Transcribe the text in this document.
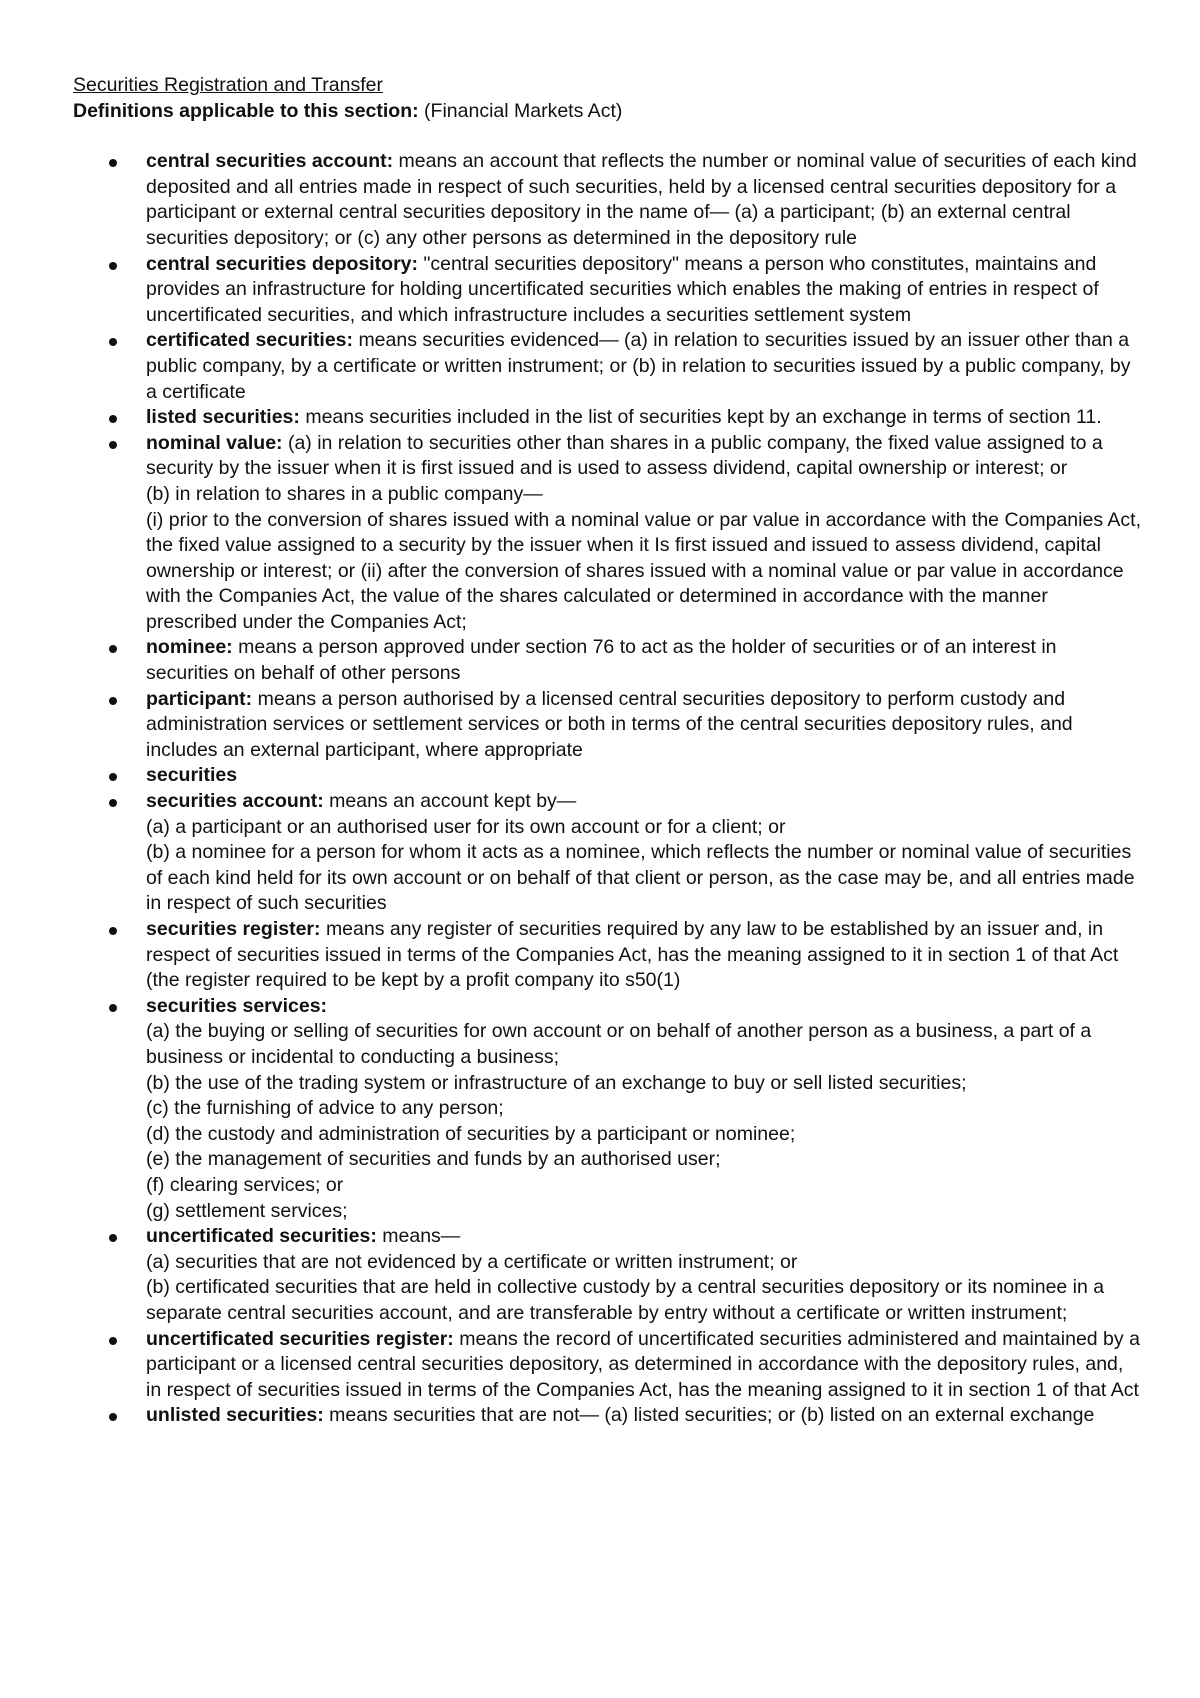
Securities Registration and Transfer

Definitions applicable to this section: (Financial Markets Act)

central securities account: means an account that reflects the number or nominal value of securities of each kind deposited and all entries made in respect of such securities, held by a licensed central securities depository for a participant or external central securities depository in the name of— (a) a participant; (b) an external central securities depository; or (c) any other persons as determined in the depository rule
central securities depository: "central securities depository" means a person who constitutes, maintains and provides an infrastructure for holding uncertificated securities which enables the making of entries in respect of uncertificated securities, and which infrastructure includes a securities settlement system
certificated securities: means securities evidenced— (a) in relation to securities issued by an issuer other than a public company, by a certificate or written instrument; or (b) in relation to securities issued by a public company, by a certificate
listed securities: means securities included in the list of securities kept by an exchange in terms of section 11.
nominal value: (a) in relation to securities other than shares in a public company, the fixed value assigned to a security by the issuer when it is first issued and is used to assess dividend, capital ownership or interest; or
(b) in relation to shares in a public company—
(i) prior to the conversion of shares issued with a nominal value or par value in accordance with the Companies Act, the fixed value assigned to a security by the issuer when it Is first issued and issued to assess dividend, capital ownership or interest; or (ii) after the conversion of shares issued with a nominal value or par value in accordance with the Companies Act, the value of the shares calculated or determined in accordance with the manner prescribed under the Companies Act;
nominee: means a person approved under section 76 to act as the holder of securities or of an interest in securities on behalf of other persons
participant: means a person authorised by a licensed central securities depository to perform custody and administration services or settlement services or both in terms of the central securities depository rules, and includes an external participant, where appropriate
securities
securities account: means an account kept by—
(a) a participant or an authorised user for its own account or for a client; or
(b) a nominee for a person for whom it acts as a nominee, which reflects the number or nominal value of securities of each kind held for its own account or on behalf of that client or person, as the case may be, and all entries made in respect of such securities
securities register: means any register of securities required by any law to be established by an issuer and, in respect of securities issued in terms of the Companies Act, has the meaning assigned to it in section 1 of that Act (the register required to be kept by a profit company ito s50(1)
securities services:
(a) the buying or selling of securities for own account or on behalf of another person as a business, a part of a business or incidental to conducting a business;
(b) the use of the trading system or infrastructure of an exchange to buy or sell listed securities;
(c) the furnishing of advice to any person;
(d) the custody and administration of securities by a participant or nominee;
(e) the management of securities and funds by an authorised user;
(f) clearing services; or
(g) settlement services;
uncertificated securities: means—
(a) securities that are not evidenced by a certificate or written instrument; or
(b) certificated securities that are held in collective custody by a central securities depository or its nominee in a separate central securities account, and are transferable by entry without a certificate or written instrument;
uncertificated securities register: means the record of uncertificated securities administered and maintained by a participant or a licensed central securities depository, as determined in accordance with the depository rules, and, in respect of securities issued in terms of the Companies Act, has the meaning assigned to it in section 1 of that Act
unlisted securities: means securities that are not— (a) listed securities; or (b) listed on an external exchange
